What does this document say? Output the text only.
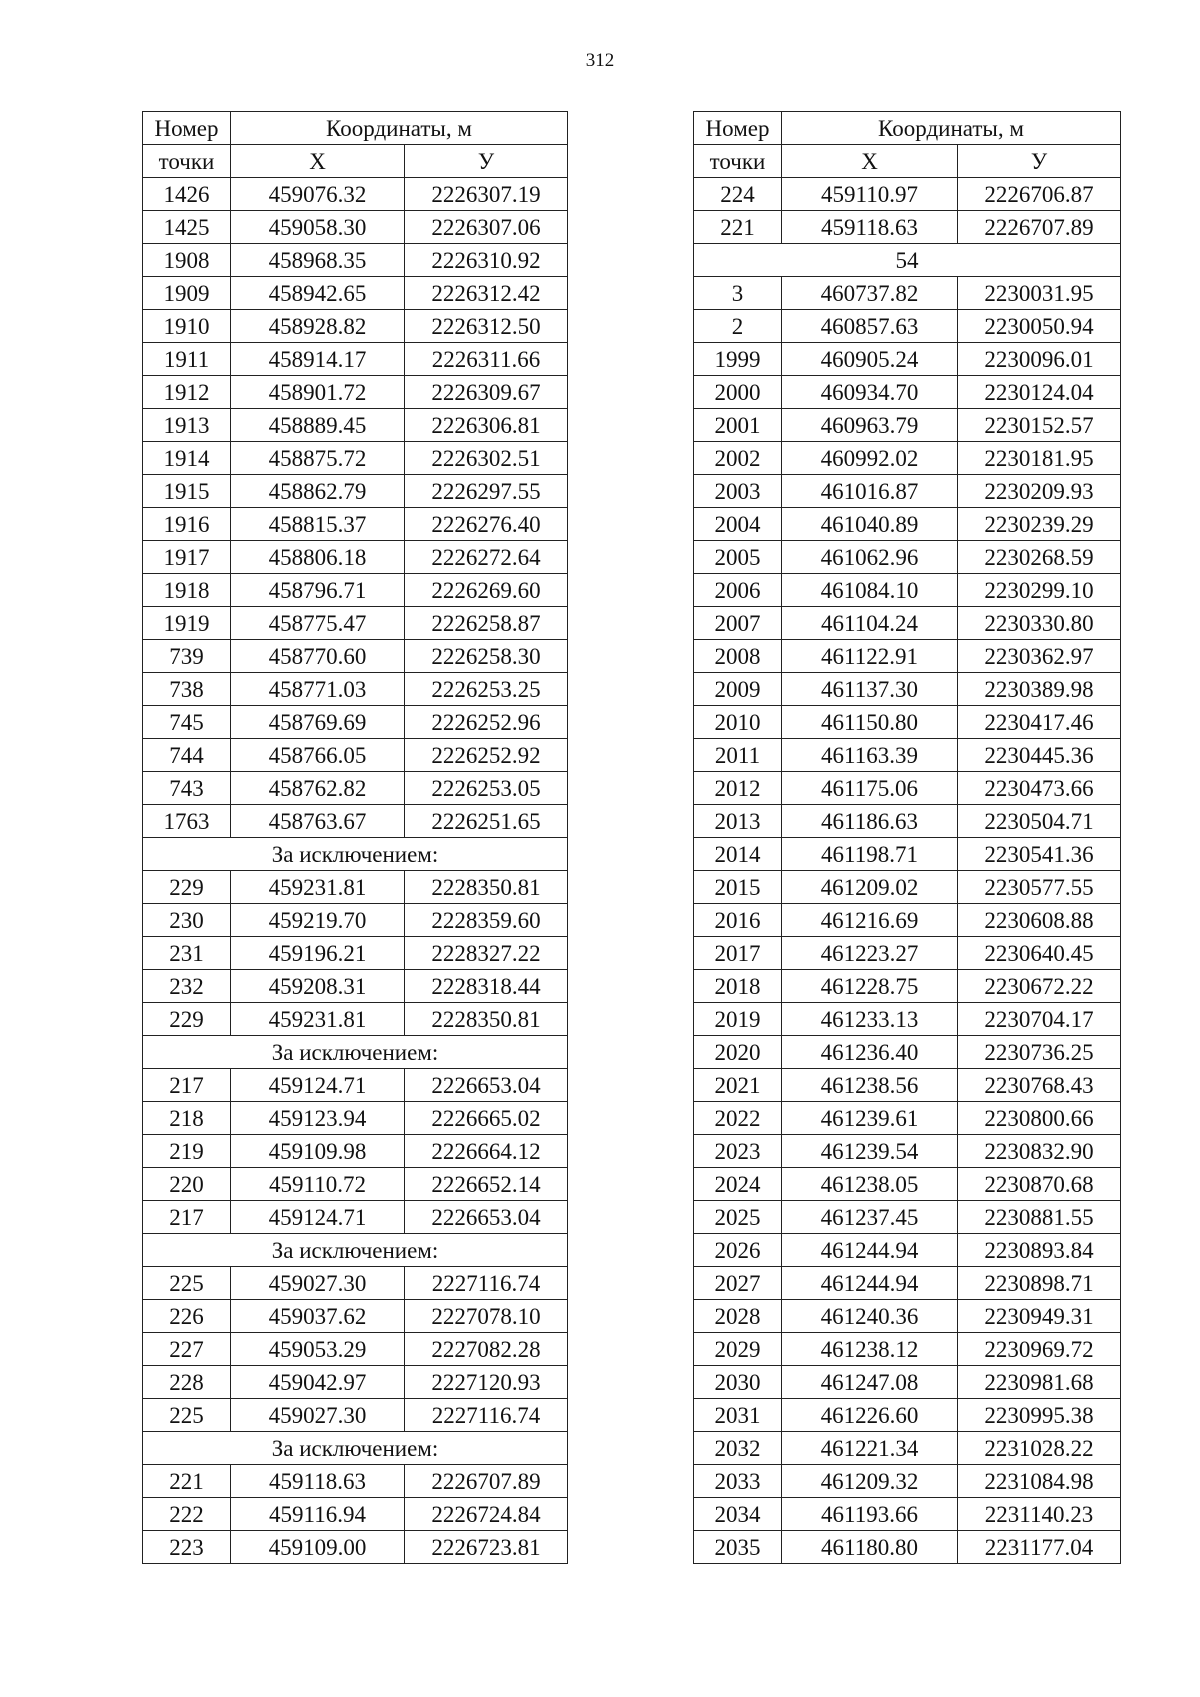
312
Номер	Координаты, м	
точки	X	У
1426	459076.32	2226307.19
1425	459058.30	2226307.06
1908	458968.35	2226310.92
1909	458942.65	2226312.42
1910	458928.82	2226312.50
1911	458914.17	2226311.66
1912	458901.72	2226309.67
1913	458889.45	2226306.81
1914	458875.72	2226302.51
1915	458862.79	2226297.55
1916	458815.37	2226276.40
1917	458806.18	2226272.64
1918	458796.71	2226269.60
1919	458775.47	2226258.87
739	458770.60	2226258.30
738	458771.03	2226253.25
745	458769.69	2226252.96
744	458766.05	2226252.92
743	458762.82	2226253.05
1763	458763.67	2226251.65
За исключением:		
229	459231.81	2228350.81
230	459219.70	2228359.60
231	459196.21	2228327.22
232	459208.31	2228318.44
229	459231.81	2228350.81
За исключением:		
217	459124.71	2226653.04
218	459123.94	2226665.02
219	459109.98	2226664.12
220	459110.72	2226652.14
217	459124.71	2226653.04
За исключением:		
225	459027.30	2227116.74
226	459037.62	2227078.10
227	459053.29	2227082.28
228	459042.97	2227120.93
225	459027.30	2227116.74
За исключением:		
221	459118.63	2226707.89
222	459116.94	2226724.84
223	459109.00	2226723.81
Номер	Координаты, м	
точки	X	У
224	459110.97	2226706.87
221	459118.63	2226707.89
54		
3	460737.82	2230031.95
2	460857.63	2230050.94
1999	460905.24	2230096.01
2000	460934.70	2230124.04
2001	460963.79	2230152.57
2002	460992.02	2230181.95
2003	461016.87	2230209.93
2004	461040.89	2230239.29
2005	461062.96	2230268.59
2006	461084.10	2230299.10
2007	461104.24	2230330.80
2008	461122.91	2230362.97
2009	461137.30	2230389.98
2010	461150.80	2230417.46
2011	461163.39	2230445.36
2012	461175.06	2230473.66
2013	461186.63	2230504.71
2014	461198.71	2230541.36
2015	461209.02	2230577.55
2016	461216.69	2230608.88
2017	461223.27	2230640.45
2018	461228.75	2230672.22
2019	461233.13	2230704.17
2020	461236.40	2230736.25
2021	461238.56	2230768.43
2022	461239.61	2230800.66
2023	461239.54	2230832.90
2024	461238.05	2230870.68
2025	461237.45	2230881.55
2026	461244.94	2230893.84
2027	461244.94	2230898.71
2028	461240.36	2230949.31
2029	461238.12	2230969.72
2030	461247.08	2230981.68
2031	461226.60	2230995.38
2032	461221.34	2231028.22
2033	461209.32	2231084.98
2034	461193.66	2231140.23
2035	461180.80	2231177.04
